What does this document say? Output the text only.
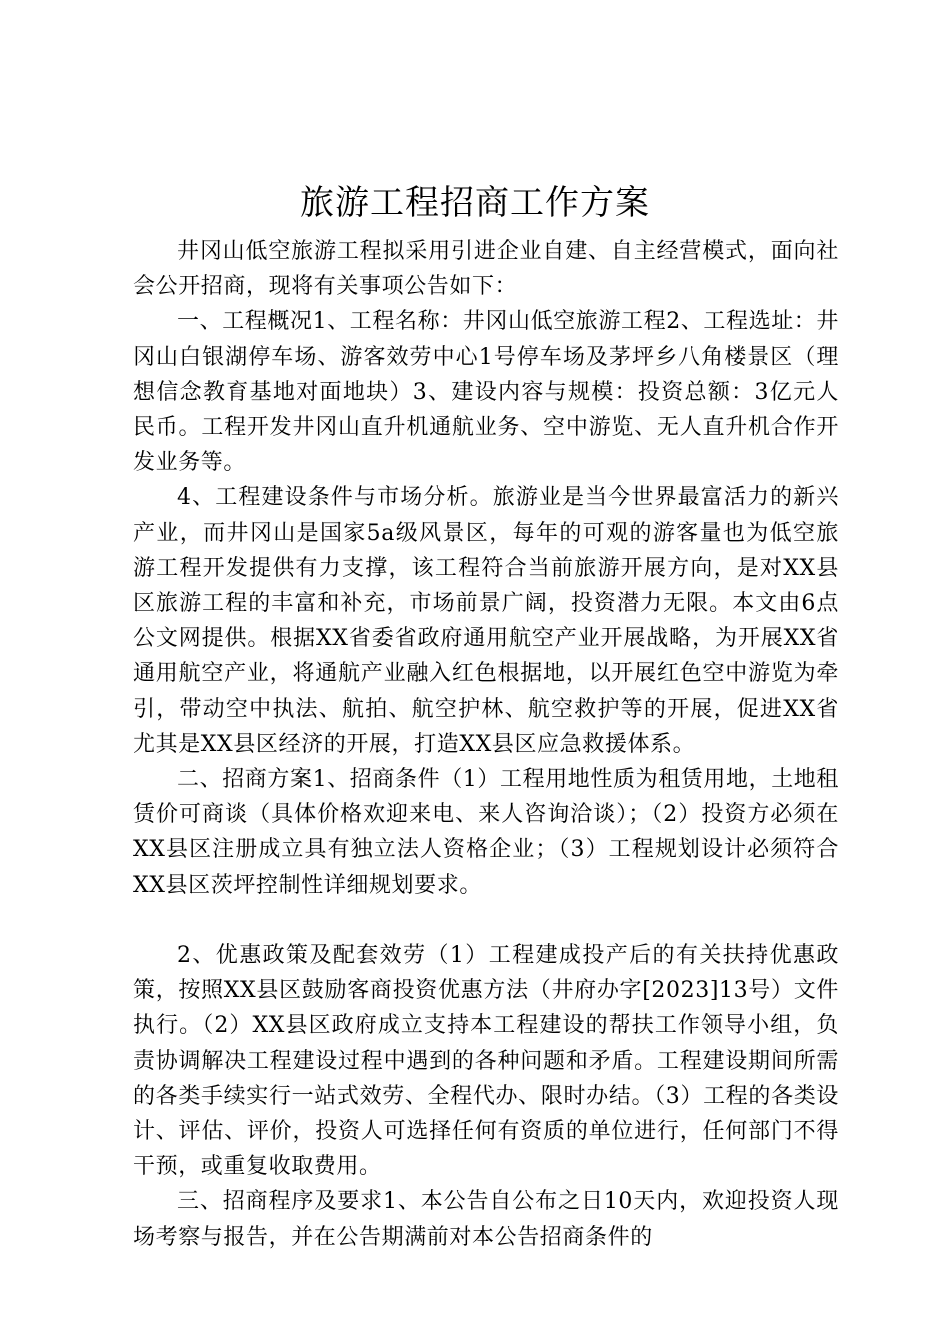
旅游工程招商工作方案

井冈山低空旅游工程拟采用引进企业自建、自主经营模式，面向社会公开招商，现将有关事项公告如下：

一、工程概况1、工程名称：井冈山低空旅游工程2、工程选址：井冈山白银湖停车场、游客效劳中心1号停车场及茅坪乡八角楼景区（理想信念教育基地对面地块）3、建设内容与规模：投资总额：3亿元人民币。工程开发井冈山直升机通航业务、空中游览、无人直升机合作开发业务等。

4、工程建设条件与市场分析。旅游业是当今世界最富活力的新兴产业，而井冈山是国家5a级风景区，每年的可观的游客量也为低空旅游工程开发提供有力支撑，该工程符合当前旅游开展方向，是对XX县区旅游工程的丰富和补充，市场前景广阔，投资潜力无限。本文由6点公文网提供。根据XX省委省政府通用航空产业开展战略，为开展XX省通用航空产业，将通航产业融入红色根据地，以开展红色空中游览为牵引，带动空中执法、航拍、航空护林、航空救护等的开展，促进XX省尤其是XX县区经济的开展，打造XX县区应急救援体系。

二、招商方案1、招商条件（1）工程用地性质为租赁用地，土地租赁价可商谈（具体价格欢迎来电、来人咨询洽谈）；（2）投资方必须在XX县区注册成立具有独立法人资格企业；（3）工程规划设计必须符合XX县区茨坪控制性详细规划要求。

2、优惠政策及配套效劳（1）工程建成投产后的有关扶持优惠政策，按照XX县区鼓励客商投资优惠方法（井府办字[2023]13号）文件执行。（2）XX县区政府成立支持本工程建设的帮扶工作领导小组，负责协调解决工程建设过程中遇到的各种问题和矛盾。工程建设期间所需的各类手续实行一站式效劳、全程代办、限时办结。（3）工程的各类设计、评估、评价，投资人可选择任何有资质的单位进行，任何部门不得干预，或重复收取费用。

三、招商程序及要求1、本公告自公布之日10天内，欢迎投资人现场考察与报告，并在公告期满前对本公告招商条件的
